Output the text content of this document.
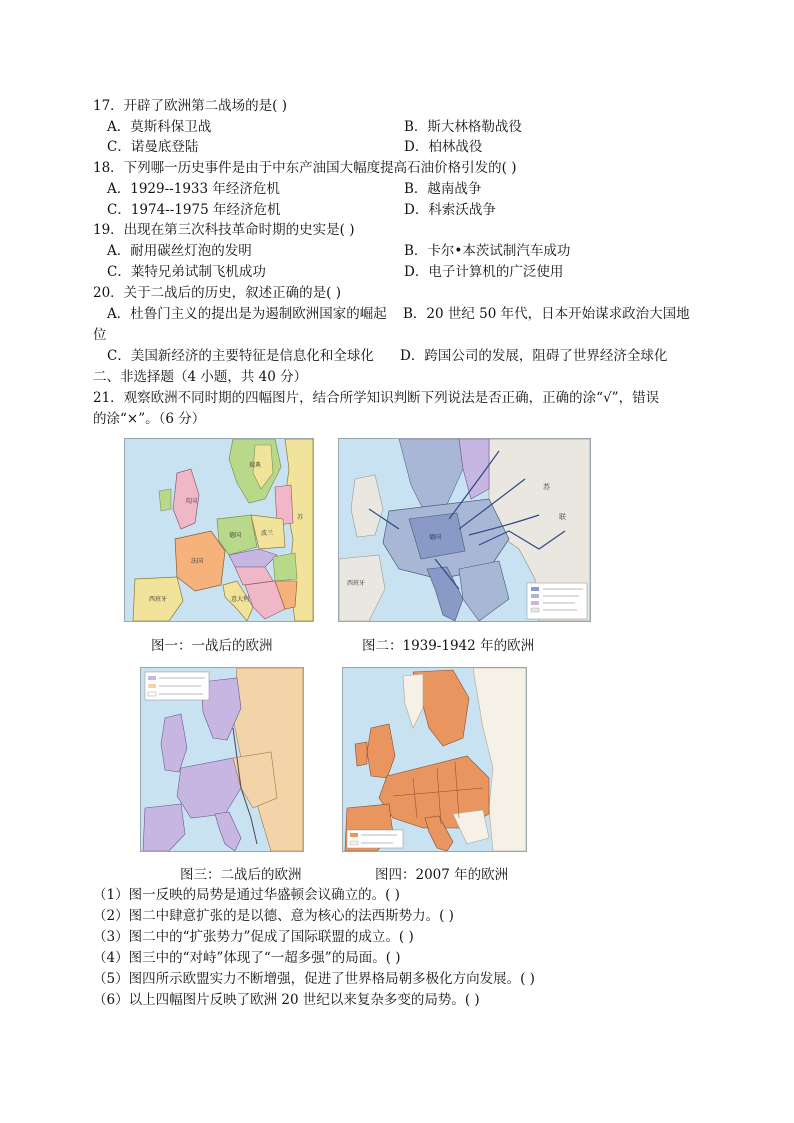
17．开辟了欧洲第二战场的是( )
A．莫斯科保卫战	B．斯大林格勒战役
C．诺曼底登陆	D．柏林战役
18．下列哪一历史事件是由于中东产油国大幅度提高石油价格引发的( )
A．1929--1933 年经济危机	B．越南战争
C．1974--1975 年经济危机	D．科索沃战争
19．出现在第三次科技革命时期的史实是( )
A．耐用碳丝灯泡的发明	B．卡尔•本茨试制汽车成功
C．莱特兄弟试制飞机成功	D．电子计算机的广泛使用
20．关于二战后的历史，叙述正确的是( )
A．杜鲁门主义的提出是为遏制欧洲国家的崛起 B．20 世纪 50 年代，日本开始谋求政治大国地
位
C．美国新经济的主要特征是信息化和全球化 D．跨国公司的发展，阻碍了世界经济全球化
二、非选择题（4 小题，共 40 分）
21．观察欧洲不同时期的四幅图片，结合所学知识判断下列说法是否正确，正确的涂“√”，错误
的涂“×”。（6 分）
瑞典
英国
法国
德国	波兰
西班牙	意大利
苏
图一：一战后的欧洲
苏
联
德国
西班牙
图二：1939-1942 年的欧洲
图三：二战后的欧洲	图四：2007 年的欧洲
（1）图一反映的局势是通过华盛顿会议确立的。( )
（2）图二中肆意扩张的是以德、意为核心的法西斯势力。( )
（3）图二中的“扩张势力”促成了国际联盟的成立。( )
（4）图三中的“对峙”体现了“一超多强”的局面。( )
（5）图四所示欧盟实力不断增强，促进了世界格局朝多极化方向发展。( )
（6）以上四幅图片反映了欧洲 20 世纪以来复杂多变的局势。( )
